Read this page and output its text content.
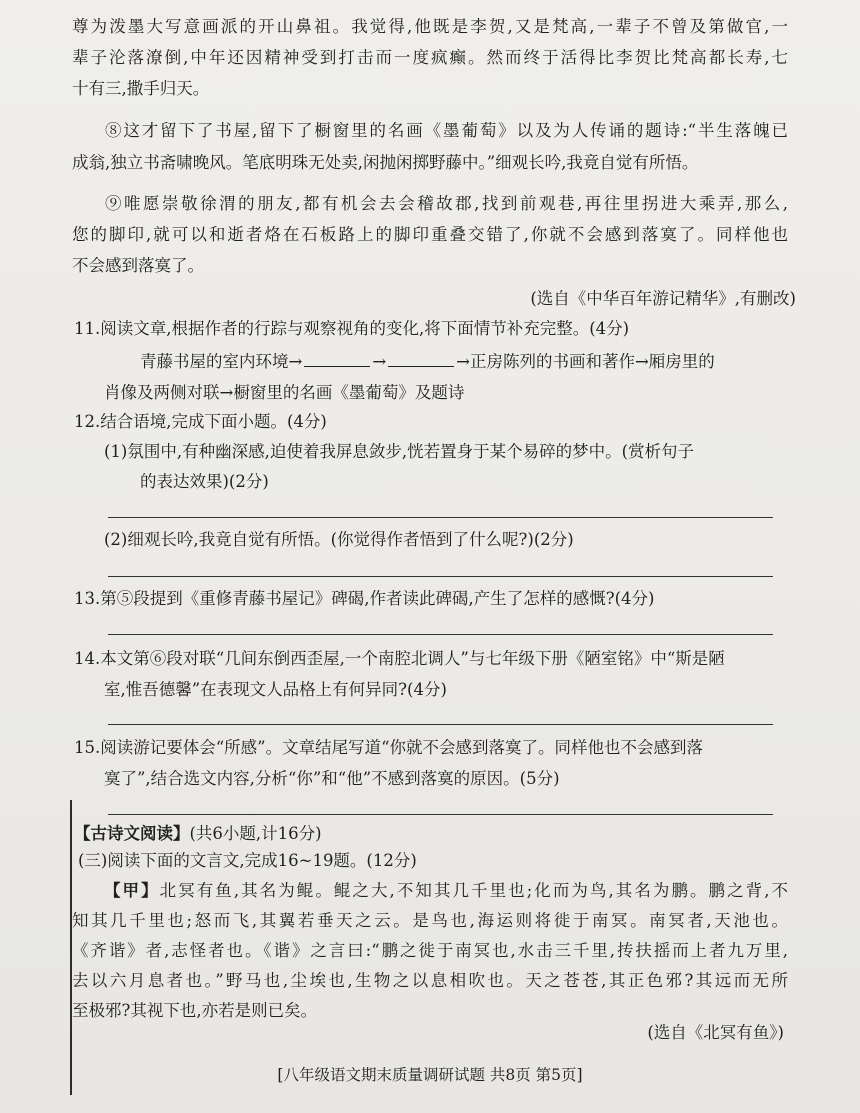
尊为泼墨大写意画派的开山鼻祖。我觉得,他既是李贺,又是梵高,一辈子不曾及第做官,一
辈子沦落潦倒,中年还因精神受到打击而一度疯癫。然而终于活得比李贺比梵高都长寿,七
十有三,撒手归天。
⑧这才留下了书屋,留下了橱窗里的名画《墨葡萄》以及为人传诵的题诗:“半生落魄已
成翁,独立书斋啸晚风。笔底明珠无处卖,闲抛闲掷野藤中。”细观长吟,我竟自觉有所悟。
⑨唯愿崇敬徐渭的朋友,都有机会去会稽故郡,找到前观巷,再往里拐进大乘弄,那么,
您的脚印,就可以和逝者烙在石板路上的脚印重叠交错了,你就不会感到落寞了。同样他也
不会感到落寞了。
(选自《中华百年游记精华》,有删改)
11.阅读文章,根据作者的行踪与观察视角的变化,将下面情节补充完整。(4分)
青藤书屋的室内环境→	→	→正房陈列的书画和著作→厢房里的
肖像及两侧对联→橱窗里的名画《墨葡萄》及题诗
12.结合语境,完成下面小题。(4分)
(1)氛围中,有种幽深感,迫使着我屏息敛步,恍若置身于某个易碎的梦中。(赏析句子
的表达效果)(2分)
(2)细观长吟,我竟自觉有所悟。(你觉得作者悟到了什么呢?)(2分)
13.第⑤段提到《重修青藤书屋记》碑碣,作者读此碑碣,产生了怎样的感慨?(4分)
14.本文第⑥段对联“几间东倒西歪屋,一个南腔北调人”与七年级下册《陋室铭》中“斯是陋
室,惟吾德馨”在表现文人品格上有何异同?(4分)
15.阅读游记要体会“所感”。文章结尾写道“你就不会感到落寞了。同样他也不会感到落
寞了”,结合选文内容,分析“你”和“他”不感到落寞的原因。(5分)
【古诗文阅读】(共6小题,计16分)
(三)阅读下面的文言文,完成16~19题。(12分)
【甲】北冥有鱼,其名为鲲。鲲之大,不知其几千里也;化而为鸟,其名为鹏。鹏之背,不
知其几千里也;怒而飞,其翼若垂天之云。是鸟也,海运则将徙于南冥。南冥者,天池也。
《齐谐》者,志怪者也。《谐》之言曰:“鹏之徙于南冥也,水击三千里,抟扶摇而上者九万里,
去以六月息者也。”野马也,尘埃也,生物之以息相吹也。天之苍苍,其正色邪?其远而无所
至极邪?其视下也,亦若是则已矣。
(选自《北冥有鱼》)
[八年级语文期末质量调研试题 共8页 第5页]
